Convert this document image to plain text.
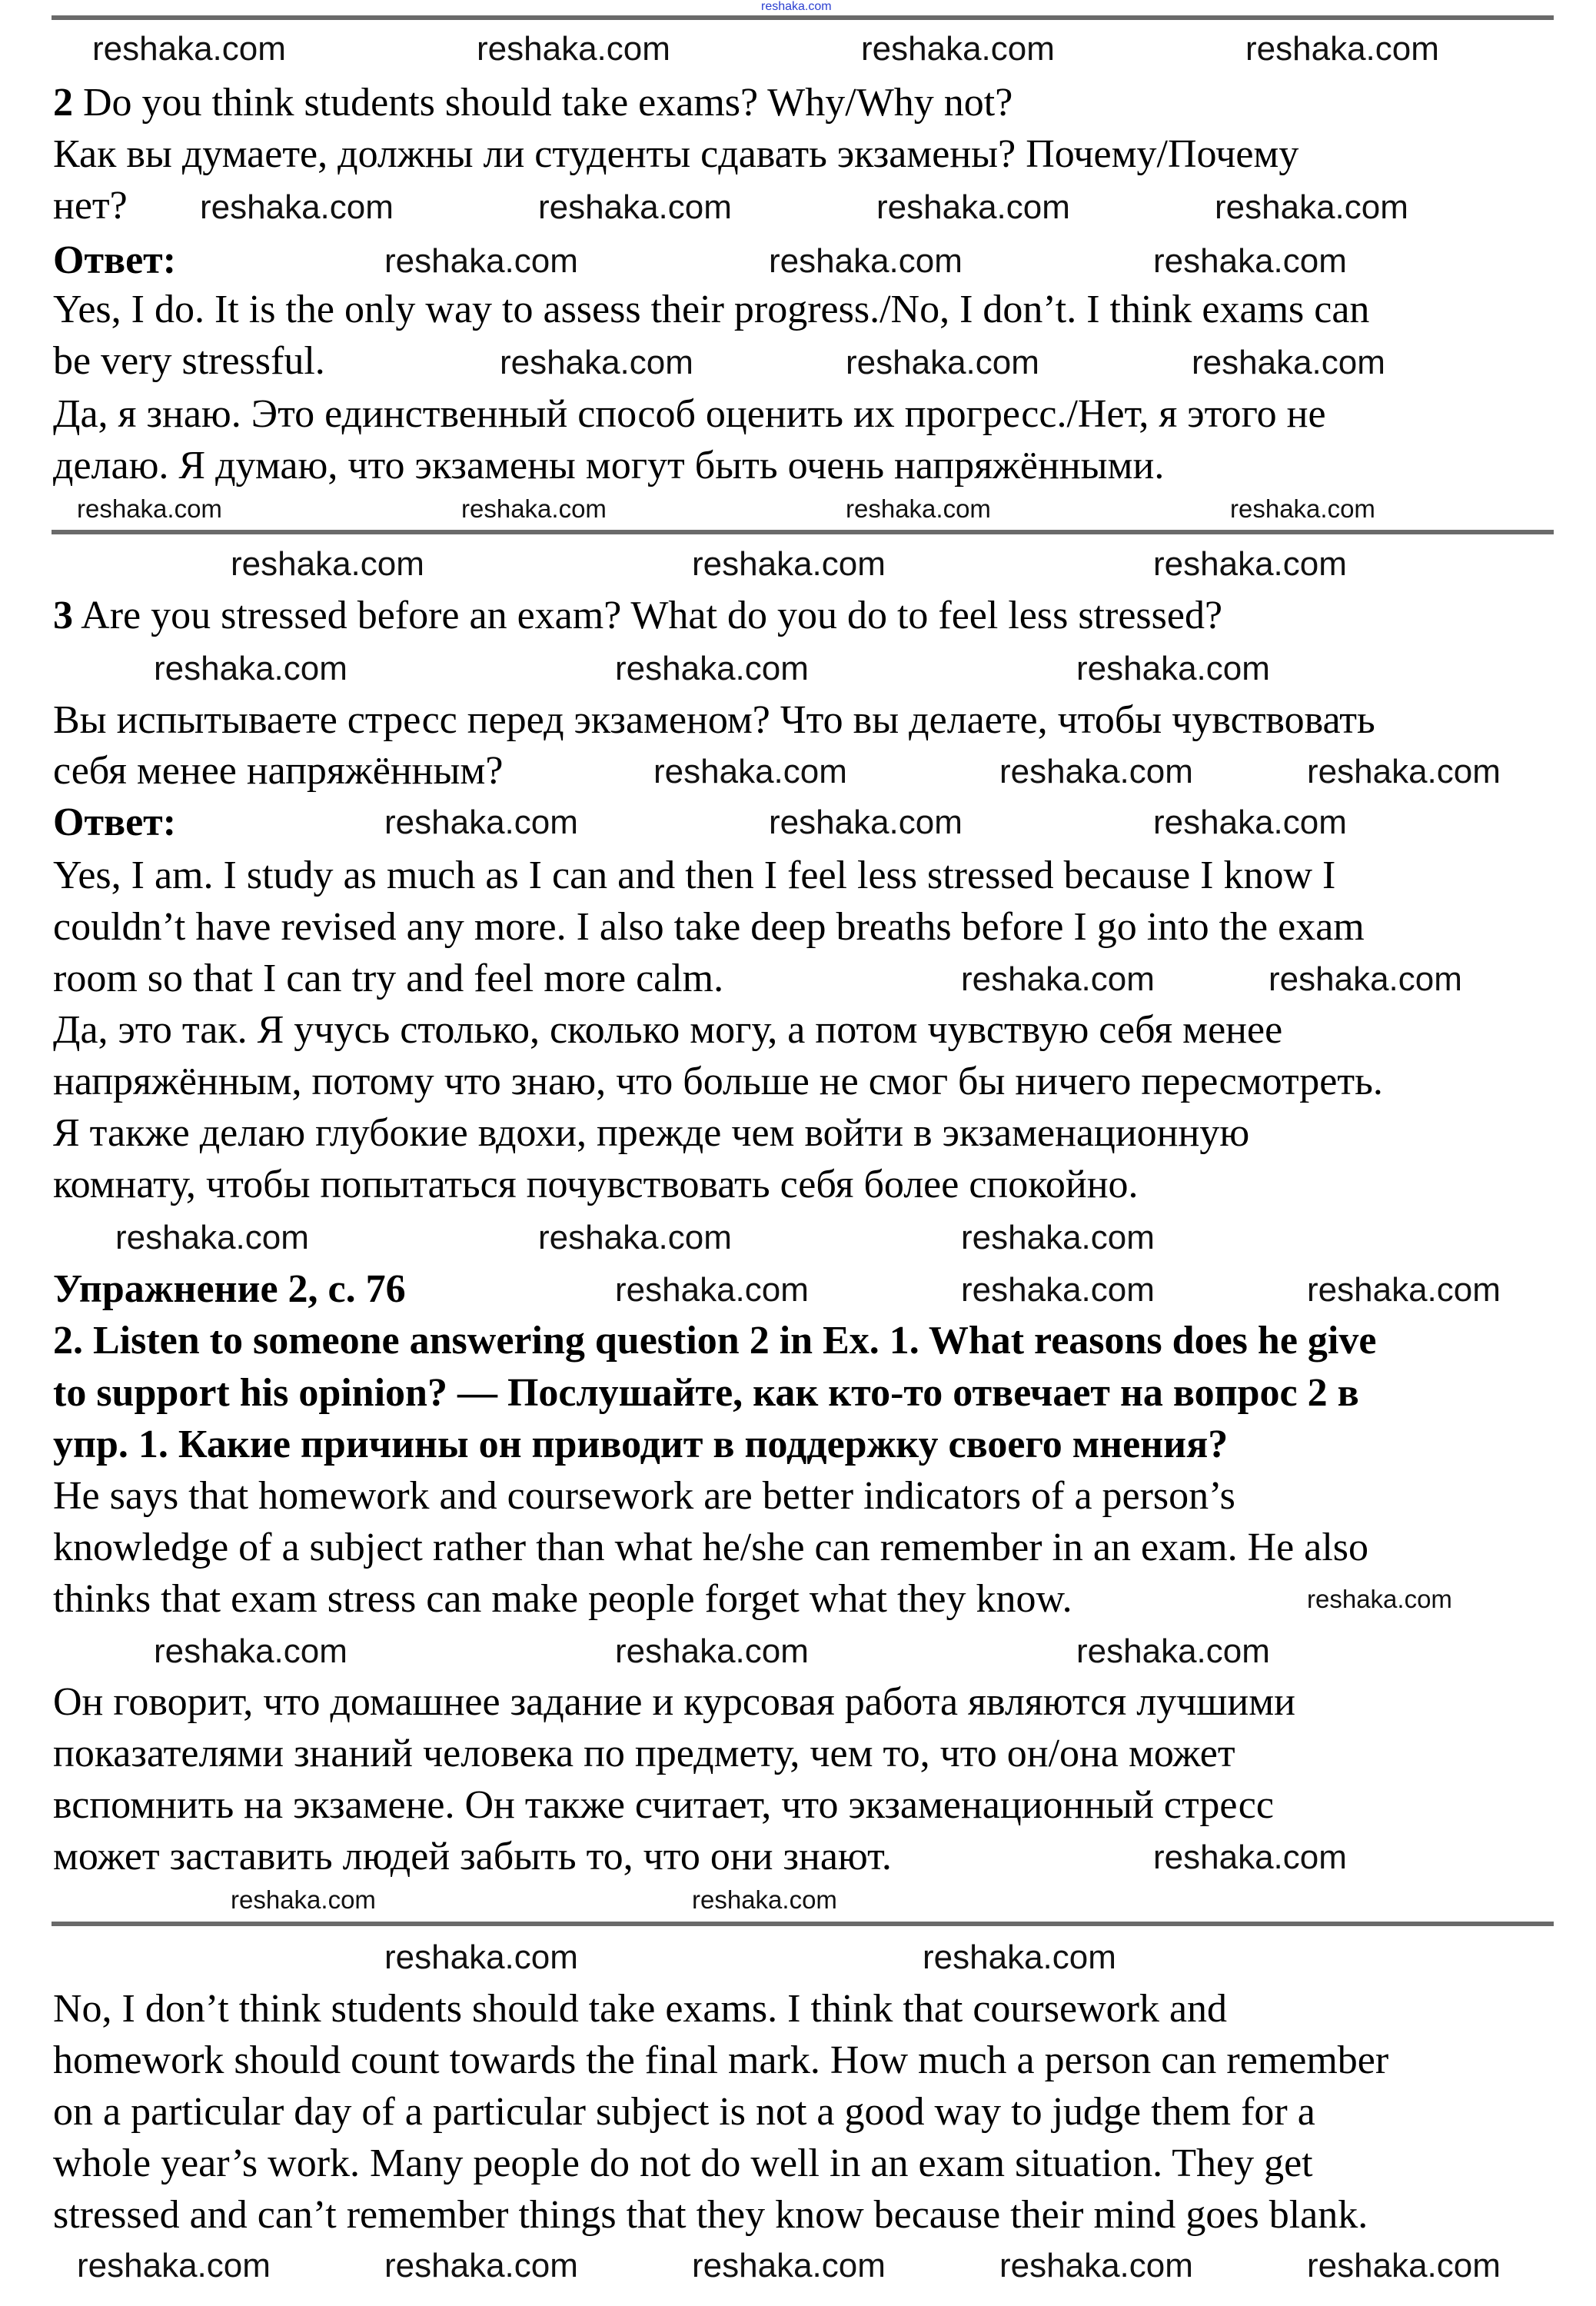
reshaka.com
2 Do you think students should take exams? Why/Why not?
3 Are you stressed before an exam? What do you do to feel less stressed?
Как вы думаете, должны ли студенты сдавать экзамены? Почему/Почему
нет?
Ответ:
Yes, I do. It is the only way to assess their progress./No, I don’t. I think exams can
be very stressful.
Да, я знаю. Это единственный способ оценить их прогресс./Нет, я этого не
делаю. Я думаю, что экзамены могут быть очень напряжёнными.
Вы испытываете стресс перед экзаменом? Что вы делаете, чтобы чувствовать
себя менее напряжённым?
Ответ:
Yes, I am. I study as much as I can and then I feel less stressed because I know I
couldn’t have revised any more. I also take deep breaths before I go into the exam
room so that I can try and feel more calm.
Да, это так. Я учусь столько, сколько могу, а потом чувствую себя менее
напряжённым, потому что знаю, что больше не смог бы ничего пересмотреть.
Я также делаю глубокие вдохи, прежде чем войти в экзаменационную
комнату, чтобы попытаться почувствовать себя более спокойно.
Упражнение 2, с. 76
2. Listen to someone answering question 2 in Ex. 1. What reasons does he give
to support his opinion? — Послушайте, как кто-то отвечает на вопрос 2 в
упр. 1. Какие причины он приводит в поддержку своего мнения?
He says that homework and coursework are better indicators of a person’s
knowledge of a subject rather than what he/she can remember in an exam. He also
thinks that exam stress can make people forget what they know.
Он говорит, что домашнее задание и курсовая работа являются лучшими
показателями знаний человека по предмету, чем то, что он/она может
вспомнить на экзамене. Он также считает, что экзаменационный стресс
может заставить людей забыть то, что они знают.
No, I don’t think students should take exams. I think that coursework and
homework should count towards the final mark. How much a person can remember
on a particular day of a particular subject is not a good way to judge them for a
whole year’s work. Many people do not do well in an exam situation. They get
stressed and can’t remember things that they know because their mind goes blank.
reshaka.com	reshaka.com	reshaka.com	reshaka.com
reshaka.com	reshaka.com	reshaka.com	reshaka.com
reshaka.com	reshaka.com	reshaka.com
reshaka.com	reshaka.com	reshaka.com
reshaka.com	reshaka.com	reshaka.com	reshaka.com
reshaka.com	reshaka.com	reshaka.com
reshaka.com	reshaka.com	reshaka.com
reshaka.com	reshaka.com	reshaka.com
reshaka.com	reshaka.com	reshaka.com
reshaka.com	reshaka.com
reshaka.com	reshaka.com	reshaka.com
reshaka.com	reshaka.com	reshaka.com
reshaka.com
reshaka.com	reshaka.com	reshaka.com
reshaka.com
reshaka.com	reshaka.com
reshaka.com	reshaka.com
reshaka.com	reshaka.com	reshaka.com	reshaka.com	reshaka.com
